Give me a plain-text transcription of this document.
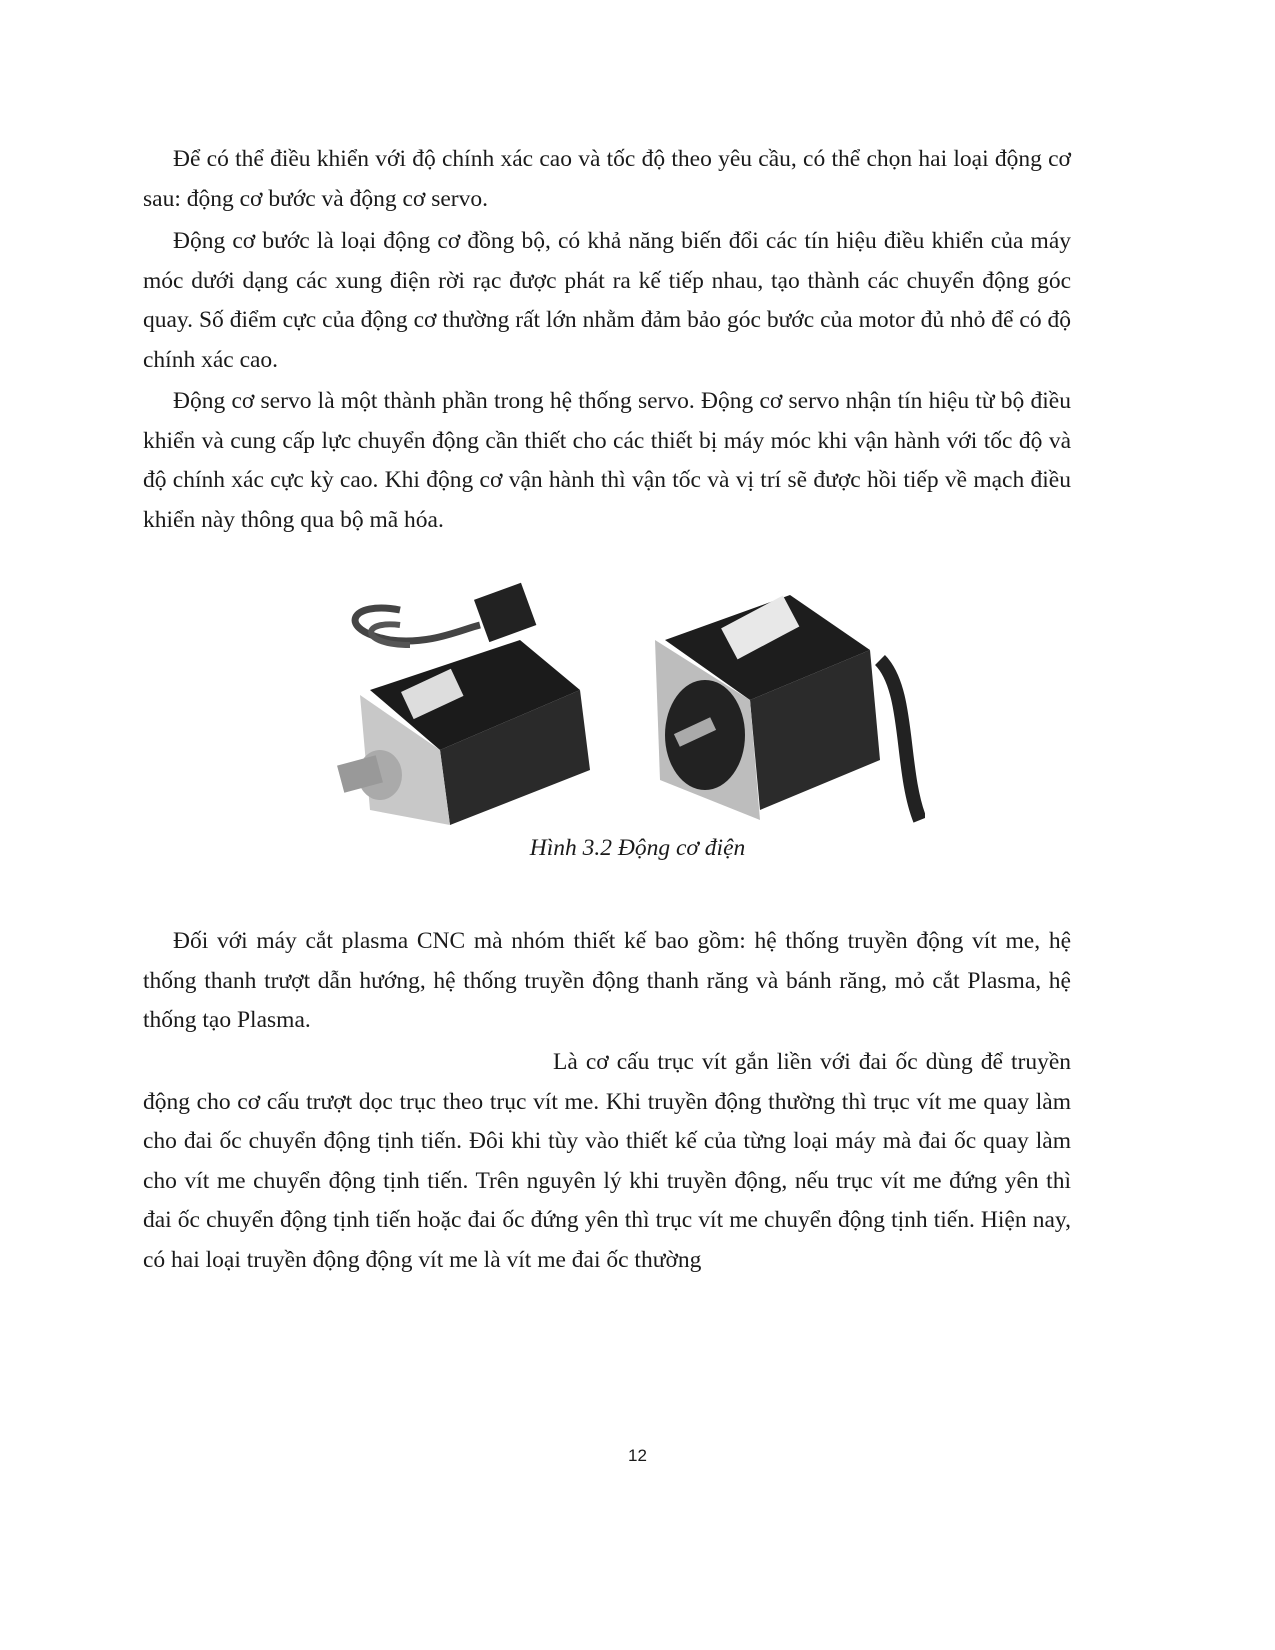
Để có thể điều khiển với độ chính xác cao và tốc độ theo yêu cầu, có thể chọn hai loại động cơ sau: động cơ bước và động cơ servo.

Động cơ bước là loại động cơ đồng bộ, có khả năng biến đổi các tín hiệu điều khiển của máy móc dưới dạng các xung điện rời rạc được phát ra kế tiếp nhau, tạo thành các chuyển động góc quay. Số điểm cực của động cơ thường rất lớn nhằm đảm bảo góc bước của motor đủ nhỏ để có độ chính xác cao.

Động cơ servo là một thành phần trong hệ thống servo. Động cơ servo nhận tín hiệu từ bộ điều khiển và cung cấp lực chuyển động cần thiết cho các thiết bị máy móc khi vận hành với tốc độ và độ chính xác cực kỳ cao. Khi động cơ vận hành thì vận tốc và vị trí sẽ được hồi tiếp về mạch điều khiển này thông qua bộ mã hóa.

Hình 3.2 Động cơ điện

Đối với máy cắt plasma CNC mà nhóm thiết kế bao gồm: hệ thống truyền động vít me, hệ thống thanh trượt dẫn hướng, hệ thống truyền động thanh răng và bánh răng, mỏ cắt Plasma, hệ thống tạo Plasma.

Là cơ cấu trục vít gắn liền với đai ốc dùng để truyền động cho cơ cấu trượt dọc trục theo trục vít me. Khi truyền động thường thì trục vít me quay làm cho đai ốc chuyển động tịnh tiến. Đôi khi tùy vào thiết kế của từng loại máy mà đai ốc quay làm cho vít me chuyển động tịnh tiến. Trên nguyên lý khi truyền động, nếu trục vít me đứng yên thì đai ốc chuyển động tịnh tiến hoặc đai ốc đứng yên thì trục vít me chuyển động tịnh tiến. Hiện nay, có hai loại truyền động động vít me là vít me đai ốc thường

12
